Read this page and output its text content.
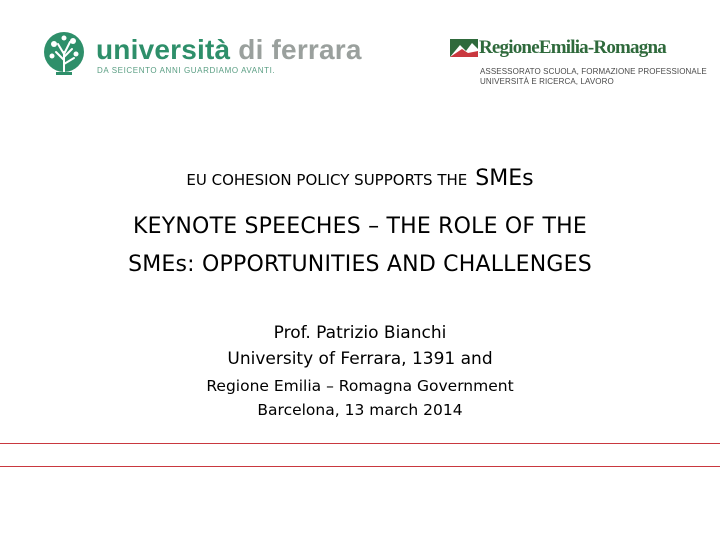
università di ferrara
DA SEICENTO ANNI GUARDIAMO AVANTI.
RegioneEmilia-Romagna
ASSESSORATO SCUOLA, FORMAZIONE PROFESSIONALE
UNIVERSITÀ E RICERCA, LAVORO
EU COHESION POLICY SUPPORTS THE SMEs
KEYNOTE SPEECHES – THE ROLE OF THE
SMEs: OPPORTUNITIES AND CHALLENGES
Prof. Patrizio Bianchi
University of Ferrara, 1391 and
Regione Emilia – Romagna Government
Barcelona, 13 march 2014
